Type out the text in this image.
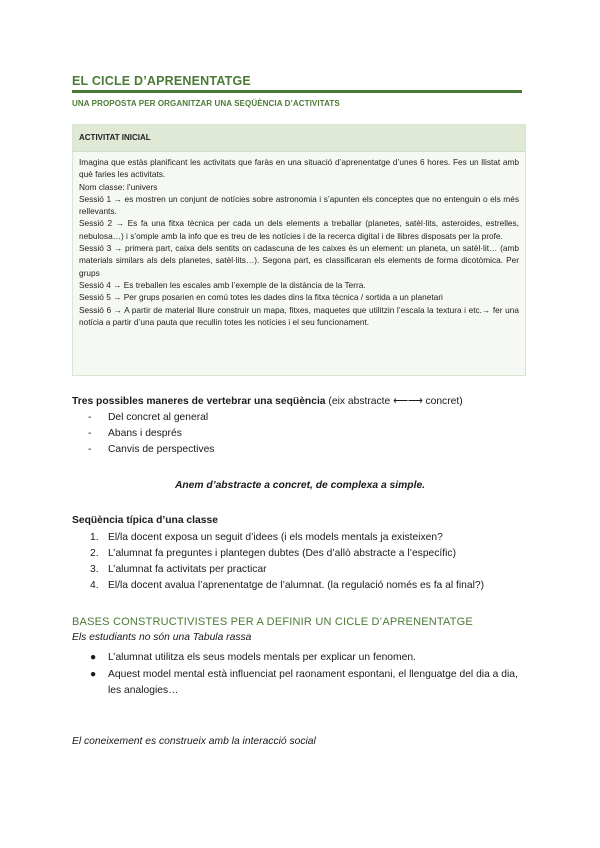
EL CICLE D’APRENENTATGE
UNA PROPOSTA PER ORGANITZAR UNA SEQÜÈNCIA D’ACTIVITATS
ACTIVITAT INICIAL

Imagina que estàs planificant les activitats que faràs en una situació d’aprenentatge d’unes 6 hores. Fes un llistat amb què faries les activitats.

Nom classe: l’univers

Sessió 1 → es mostren un conjunt de notícies sobre astronomia i s’apunten els conceptes que no entenguin o els més rellevants.

Sessió 2 → Es fa una fitxa tècnica per cada un dels elements a treballar (planetes, satèl·lits, asteroides, estrelles, nebulosa…) i s’omple amb la info que es treu de les notícies i de la recerca digital i de llibres disposats per la profe.

Sessió 3 → primera part, caixa dels sentits on cadascuna de les caixes és un element: un planeta, un satèl·lit… (amb materials similars als dels planetes, satèl·lits…). Segona part, es classificaran els elements de forma dicotòmica. Per grups

Sessió 4 → Es treballen les escales amb l’exemple de la distància de la Terra.

Sessió 5 → Per grups posarien en comú totes les dades dins la fitxa tècnica / sortida a un planetari

Sessió 6 → A partir de material lliure construir un mapa, fitxes, maquetes que utilitzin l’escala la textura i etc.→ fer una notícia a partir d’una pauta que recullin totes les notícies i el seu funcionament.

Tres possibles maneres de vertebrar una seqüència (eix abstracte ⟵⟶ concret)
- Del concret al general
- Abans i després
- Canvis de perspectives
Anem d’abstracte a concret, de complexa a simple.
Seqüència típica d’una classe
1. El/la docent exposa un seguit d’idees (i els models mentals ja existeixen?
2. L’alumnat fa preguntes i plantegen dubtes (Des d’allò abstracte a l’específic)
3. L’alumnat fa activitats per practicar
4. El/la docent avalua l’aprenentatge de l’alumnat. (la regulació només es fa al final?)
BASES CONSTRUCTIVISTES PER A DEFINIR UN CICLE D’APRENENTATGE
Els estudiants no són una Tabula rassa
● L’alumnat utilitza els seus models mentals per explicar un fenomen.
● Aquest model mental està influenciat pel raonament espontani, el llenguatge del dia a dia, les analogies…
El coneixement es construeix amb la interacció social
